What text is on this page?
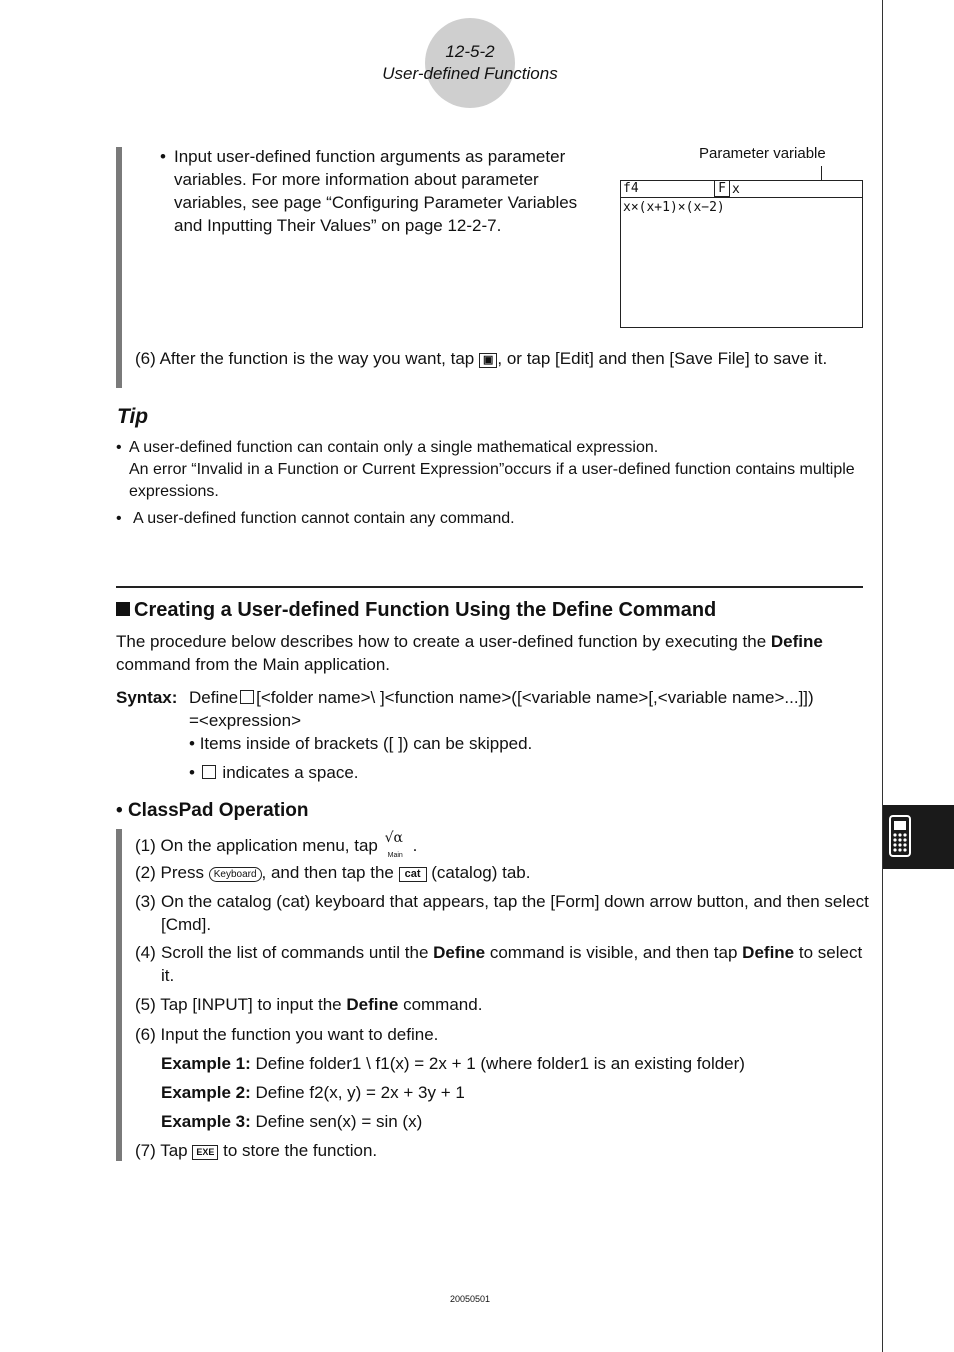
12-5-2
User-defined Functions
• Input user-defined function arguments as parameter variables. For more information about parameter variables, see page “Configuring Parameter Variables and Inputting Their Values” on page 12-2-7.
Parameter variable
f4	F x
x×(x+1)×(x−2)
(6) After the function is the way you want, tap ▣ , or tap [Edit] and then [Save File] to save it.
Tip
• A user-defined function can contain only a single mathematical expression.
An error “Invalid in a Function or Current Expression”occurs if a user-defined function contains multiple expressions.
• A user-defined function cannot contain any command.
Creating a User-defined Function Using the Define Command
The procedure below describes how to create a user-defined function by executing the Define command from the Main application.
Syntax: Define [<folder name>\ ]<function name>([<variable name>[,<variable name>...]])
=<expression>
• Items inside of brackets ([ ]) can be skipped.
•  indicates a space.
• ClassPad Operation
(1) On the application menu, tap √α
Main
.
(2) Press Keyboard , and then tap the cat (catalog) tab.
(3) On the catalog (cat) keyboard that appears, tap the [Form] down arrow button, and then select [Cmd].
(4) Scroll the list of commands until the Define command is visible, and then tap Define to select it.
(5) Tap [INPUT] to input the Define command.
(6) Input the function you want to define.
Example 1: Define folder1 \ f1(x) = 2x + 1 (where folder1 is an existing folder)
Example 2: Define f2(x, y) = 2x + 3y + 1
Example 3: Define sen(x) = sin (x)
(7) Tap EXE to store the function.
20050501
